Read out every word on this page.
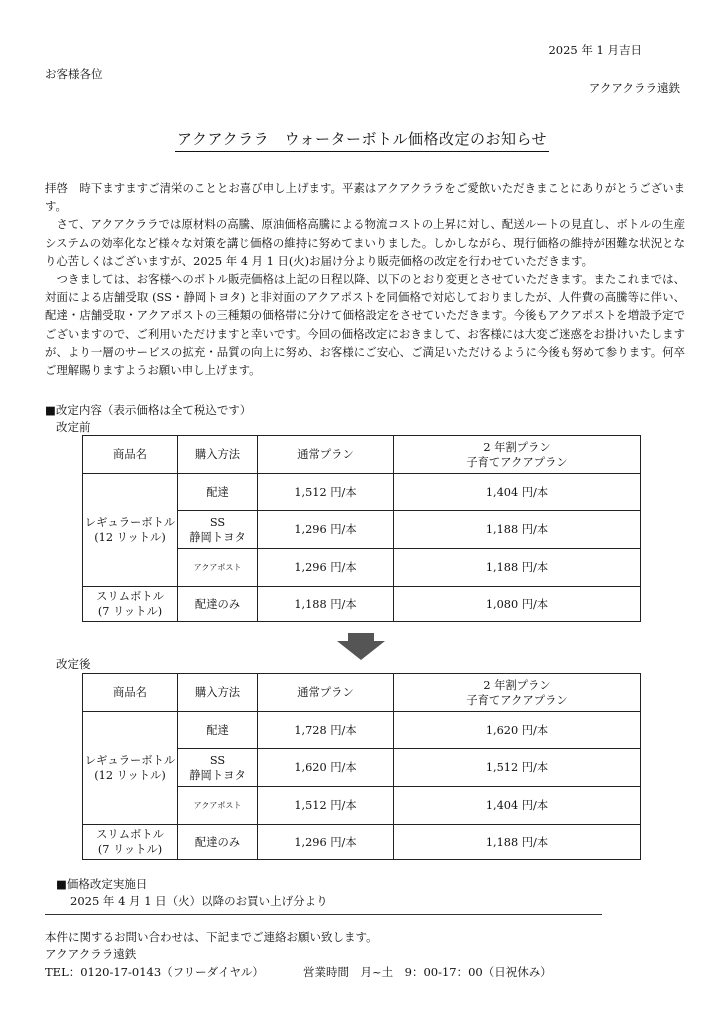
2025 年 1 月吉日
お客様各位
アクアクララ遠鉄
アクアクララ　ウォーターボトル価格改定のお知らせ

拝啓　時下ますますご清栄のこととお喜び申し上げます。平素はアクアクララをご愛飲いただきまことにありがとうございます。

　さて、アクアクララでは原材料の高騰、原油価格高騰による物流コストの上昇に対し、配送ルートの見直し、ボトルの生産システムの効率化など様々な対策を講じ価格の維持に努めてまいりました。しかしながら、現行価格の維持が困難な状況となり心苦しくはございますが、2025 年 4 月 1 日(火)お届け分より販売価格の改定を行わせていただきます。

　つきましては、お客様へのボトル販売価格は上記の日程以降、以下のとおり変更とさせていただきます。またこれまでは、対面による店舗受取 (SS・静岡トヨタ) と非対面のアクアポストを同価格で対応しておりましたが、人件費の高騰等に伴い、配達・店舗受取・アクアポストの三種類の価格帯に分けて価格設定をさせていただきます。今後もアクアポストを増設予定でございますので、ご利用いただけますと幸いです。今回の価格改定におきまして、お客様には大変ご迷惑をお掛けいたしますが、より一層のサービスの拡充・品質の向上に努め、お客様にご安心、ご満足いただけるように今後も努めて参ります。何卒ご理解賜りますようお願い申し上げます。

■改定内容（表示価格は全て税込です）
改定前
商品名	購入方法	通常プラン	2 年割プラン
子育てアクアプラン

レギュラーボトル
(12 リットル)	配達	1,512 円/本	1,404 円/本

	SS
静岡トヨタ	1,296 円/本	1,188 円/本
	アクアポスト	1,296 円/本	1,188 円/本

スリムボトル
(7 リットル)	配達のみ	1,188 円/本	1,080 円/本
改定後
商品名	購入方法	通常プラン	2 年割プラン
子育てアクアプラン

レギュラーボトル
(12 リットル)	配達	1,728 円/本	1,620 円/本

	SS
静岡トヨタ	1,620 円/本	1,512 円/本
	アクアポスト	1,512 円/本	1,404 円/本

スリムボトル
(7 リットル)	配達のみ	1,296 円/本	1,188 円/本
■価格改定実施日
2025 年 4 月 1 日（火）以降のお買い上げ分より
本件に関するお問い合わせは、下記までご連絡お願い致します。
アクアクララ遠鉄
TEL：0120-17-0143（フリーダイヤル）	営業時間　月~土　9：00-17：00（日祝休み）
